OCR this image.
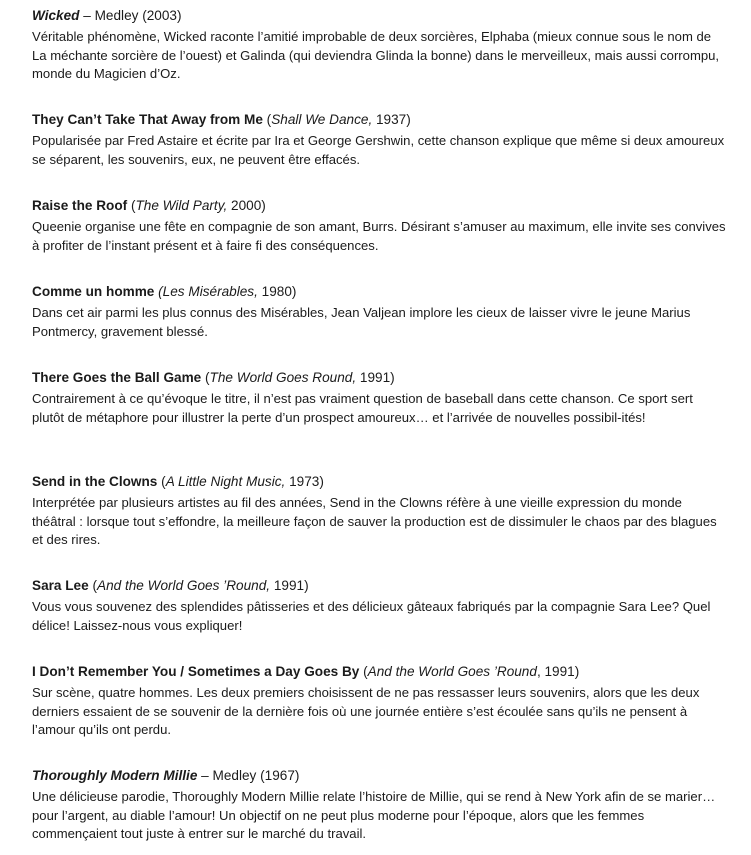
Wicked – Medley (2003)

Véritable phénomène, Wicked raconte l’amitié improbable de deux sorcières, Elphaba (mieux connue sous le nom de La méchante sorcière de l’ouest) et Galinda (qui deviendra Glinda la bonne) dans le merveilleux, mais aussi corrompu, monde du Magicien d’Oz.

They Can’t Take That Away from Me (Shall We Dance, 1937)

Popularisée par Fred Astaire et écrite par Ira et George Gershwin, cette chanson explique que même si deux amoureux se séparent, les souvenirs, eux, ne peuvent être effacés.

Raise the Roof (The Wild Party, 2000)

Queenie organise une fête en compagnie de son amant, Burrs. Désirant s’amuser au maximum, elle invite ses convives à profiter de l’instant présent et à faire fi des conséquences.

Comme un homme (Les Misérables, 1980)

Dans cet air parmi les plus connus des Misérables, Jean Valjean implore les cieux de laisser vivre le jeune Marius Pontmercy, gravement blessé.

There Goes the Ball Game (The World Goes Round, 1991)

Contrairement à ce qu’évoque le titre, il n’est pas vraiment question de baseball dans cette chanson. Ce sport sert plutôt de métaphore pour illustrer la perte d’un prospect amoureux… et l’arrivée de nouvelles possibil-ités!

Send in the Clowns (A Little Night Music, 1973)

Interprétée par plusieurs artistes au fil des années, Send in the Clowns réfère à une vieille expression du monde théâtral : lorsque tout s’effondre, la meilleure façon de sauver la production est de dissimuler le chaos par des blagues et des rires.

Sara Lee (And the World Goes ’Round, 1991)

Vous vous souvenez des splendides pâtisseries et des délicieux gâteaux fabriqués par la compagnie Sara Lee? Quel délice! Laissez-nous vous expliquer!

I Don’t Remember You / Sometimes a Day Goes By (And the World Goes ’Round, 1991)

Sur scène, quatre hommes. Les deux premiers choisissent de ne pas ressasser leurs souvenirs, alors que les deux derniers essaient de se souvenir de la dernière fois où une journée entière s’est écoulée sans qu’ils ne pensent à l’amour qu’ils ont perdu.

Thoroughly Modern Millie – Medley (1967)

Une délicieuse parodie, Thoroughly Modern Millie relate l’histoire de Millie, qui se rend à New York afin de se marier… pour l’argent, au diable l’amour! Un objectif on ne peut plus moderne pour l’époque, alors que les femmes commençaient tout juste à entrer sur le marché du travail.
